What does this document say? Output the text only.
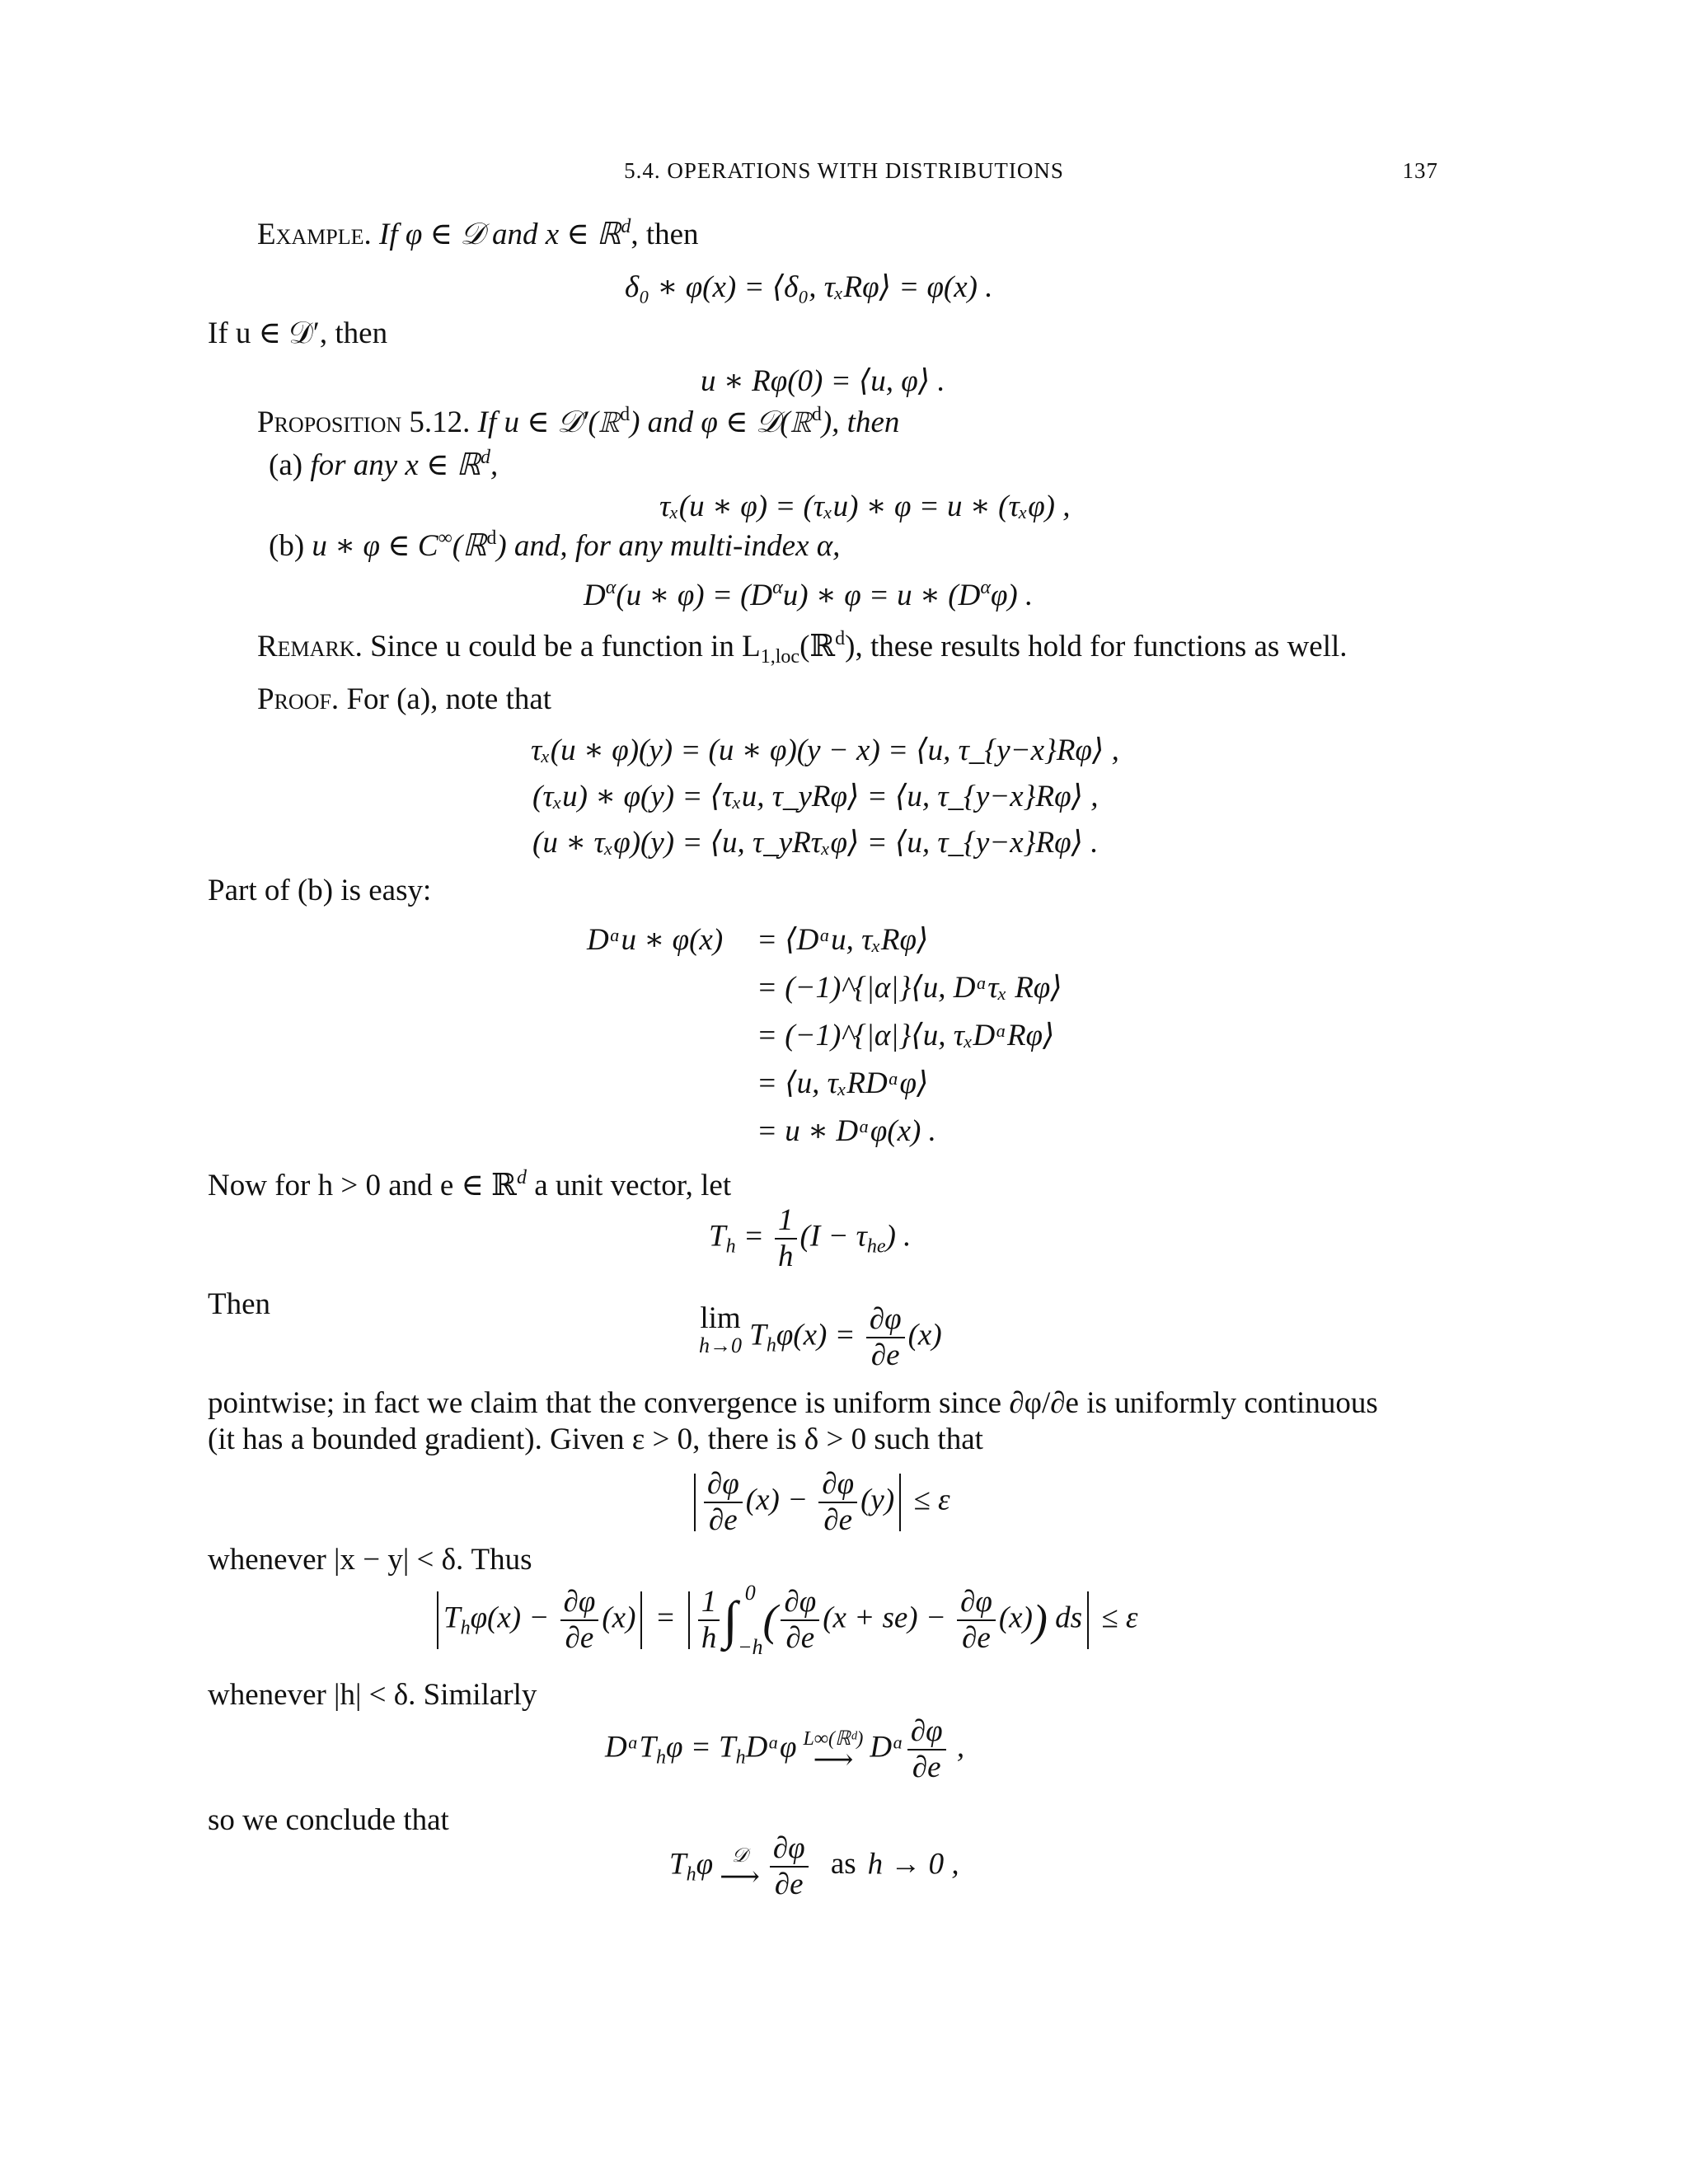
5.4. OPERATIONS WITH DISTRIBUTIONS	137
Example. If φ ∈ 𝒟 and x ∈ ℝ$^d$, then
δ₀ ∗ φ(x) = ⟨δ₀, τₓRφ⟩ = φ(x) .
If u ∈ 𝒟′, then
u ∗ Rφ(0) = ⟨u, φ⟩ .
Proposition 5.12. If u ∈ 𝒟′(ℝ$^d$) and φ ∈ 𝒟(ℝ$^d$), then
(a) for any x ∈ ℝ$^d$,
τₓ(u ∗ φ) = (τₓu) ∗ φ = u ∗ (τₓφ) ,
(b) u ∗ φ ∈ C∞(ℝ$^d$) and, for any multi-index α,
$D^\alpha(u$ ∗ $\varphi) = (D^\alpha u)$ ∗ φ = u ∗ $(D^\alpha\varphi)$ .
Remark. Since u could be a function in $L_{1,loc}(ℝ^d)$, these results hold for functions as well.
Proof. For (a), note that
τₓ(u ∗ φ)(y) = (u ∗ φ)(y − x) = ⟨u, τ_{y−x}Rφ⟩ ,
(τₓu) ∗ φ(y) = ⟨τₓu, τ_yRφ⟩ = ⟨u, τ_{y−x}Rφ⟩ ,
(u ∗ τₓφ)(y) = ⟨u, τ_yRτₓφ⟩ = ⟨u, τ_{y−x}Rφ⟩ .
Part of (b) is easy:
Dᵅu ∗ φ(x) = ⟨Dᵅu, τₓRφ⟩
= (−1)^{|α|}⟨u, Dᵅτₓ Rφ⟩
= (−1)^{|α|}⟨u, τₓDᵅRφ⟩
= ⟨u, τₓRDᵅφ⟩
= u ∗ Dᵅφ(x) .
Now for h > 0 and e ∈ ℝ$^d$ a unit vector, let
$T_h = \frac{1}{h} (I - \tau_{he})$ .
Then	lim
h→0 $T_h\varphi(x) = \frac{\partial\varphi}{\partial e} (x)$
pointwise; in fact we claim that the convergence is uniform since ∂φ/∂e is uniformly continuous
(it has a bounded gradient). Given ε > 0, there is δ > 0 such that
$\frac{\partial\varphi}{\partial e} (x) - \frac{\partial\varphi}{\partial e} (y) \le \varepsilon$
whenever |x − y| < δ. Thus
$T_h\varphi(x) - \frac{\partial\varphi}{\partial e} (x) = \frac{1}{h}$ ∫ 0
−h
( $\frac{\partial\varphi}{\partial e} (x + se) - \frac{\partial\varphi}{\partial e} (x)$) ds ≤ ε
whenever |h| < δ. Similarly
DᵅT$_h$φ = $T_hDᵅ\varphi$ L∞(ℝᵈ)
⟶ Dᵅ $\frac{\partial\varphi}{\partial e}$ ,
so we conclude that
$T_h\varphi$ 𝒟
⟶ $\frac{\partial\varphi}{\partial e}$ as h → 0 ,
